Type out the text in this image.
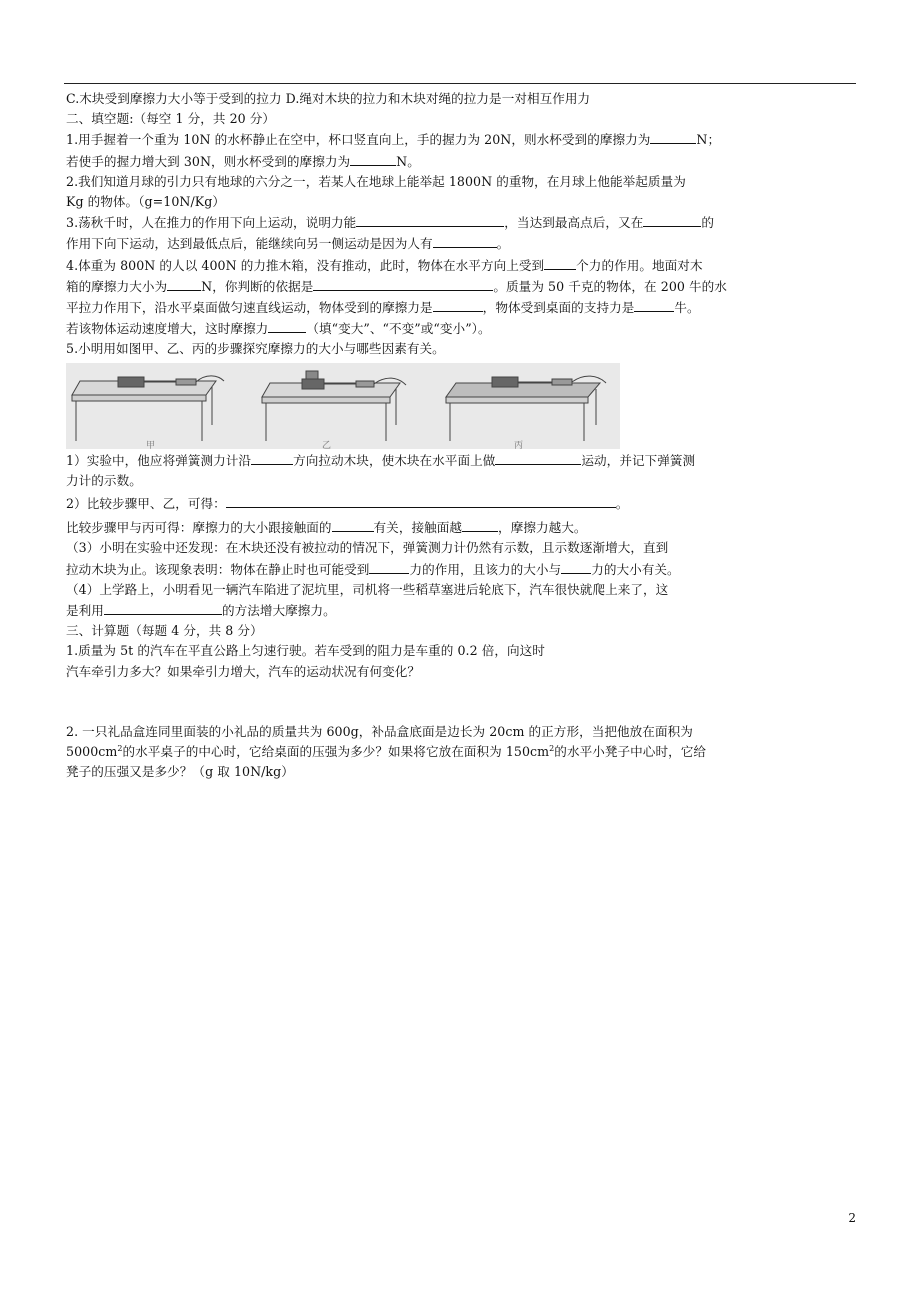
C.木块受到摩擦力大小等于受到的拉力 D.绳对木块的拉力和木块对绳的拉力是一对相互作用力

二、填空题:（每空 1 分，共 20 分）

1.用手握着一个重为 10N 的水杯静止在空中，杯口竖直向上，手的握力为 20N，则水杯受到的摩擦力为	N；

若使手的握力增大到 30N，则水杯受到的摩擦力为	N。

2.我们知道月球的引力只有地球的六分之一，若某人在地球上能举起 1800N 的重物，在月球上他能举起质量为

Kg 的物体。（g=10N/Kg）

3.荡秋千时，人在推力的作用下向上运动，说明力能	，当达到最高点后，又在	的

作用下向下运动，达到最低点后，能继续向另一侧运动是因为人有	。

4.体重为 800N 的人以 400N 的力推木箱，没有推动，此时，物体在水平方向上受到	个力的作用。地面对木

箱的摩擦力大小为	N，你判断的依据是	。质量为 50 千克的物体，在 200 牛的水

平拉力作用下，沿水平桌面做匀速直线运动，物体受到的摩擦力是	，物体受到桌面的支持力是	牛。

若该物体运动速度增大，这时摩擦力	（填“变大”、“不变”或“变小”）。

5.小明用如图甲、乙、丙的步骤探究摩擦力的大小与哪些因素有关。

甲	乙	丙

1）实验中，他应将弹簧测力计沿	方向拉动木块，使木块在水平面上做	运动，并记下弹簧测

力计的示数。

2）比较步骤甲、乙，可得：	。

比较步骤甲与丙可得：摩擦力的大小跟接触面的	有关，接触面越	，摩擦力越大。

（3）小明在实验中还发现：在木块还没有被拉动的情况下，弹簧测力计仍然有示数，且示数逐渐增大，直到

拉动木块为止。该现象表明：物体在静止时也可能受到	力的作用，且该力的大小与 力的大小有关。

（4）上学路上，小明看见一辆汽车陷进了泥坑里，司机将一些稻草塞进后轮底下，汽车很快就爬上来了，这

是利用	的方法增大摩擦力。

三、计算题（每题 4 分，共 8 分）

1.质量为 5t 的汽车在平直公路上匀速行驶。若车受到的阻力是车重的 0.2 倍，向这时

汽车牵引力多大？如果牵引力增大，汽车的运动状况有何变化？

2. 一只礼品盒连同里面装的小礼品的质量共为 600g，补品盒底面是边长为 20cm 的正方形，当把他放在面积为

$5000cm^2$的水平桌子的中心时，它给桌面的压强为多少？如果将它放在面积为 $150cm^2$的水平小凳子中心时，它给

凳子的压强又是多少？（g 取 10N/kg）

2
